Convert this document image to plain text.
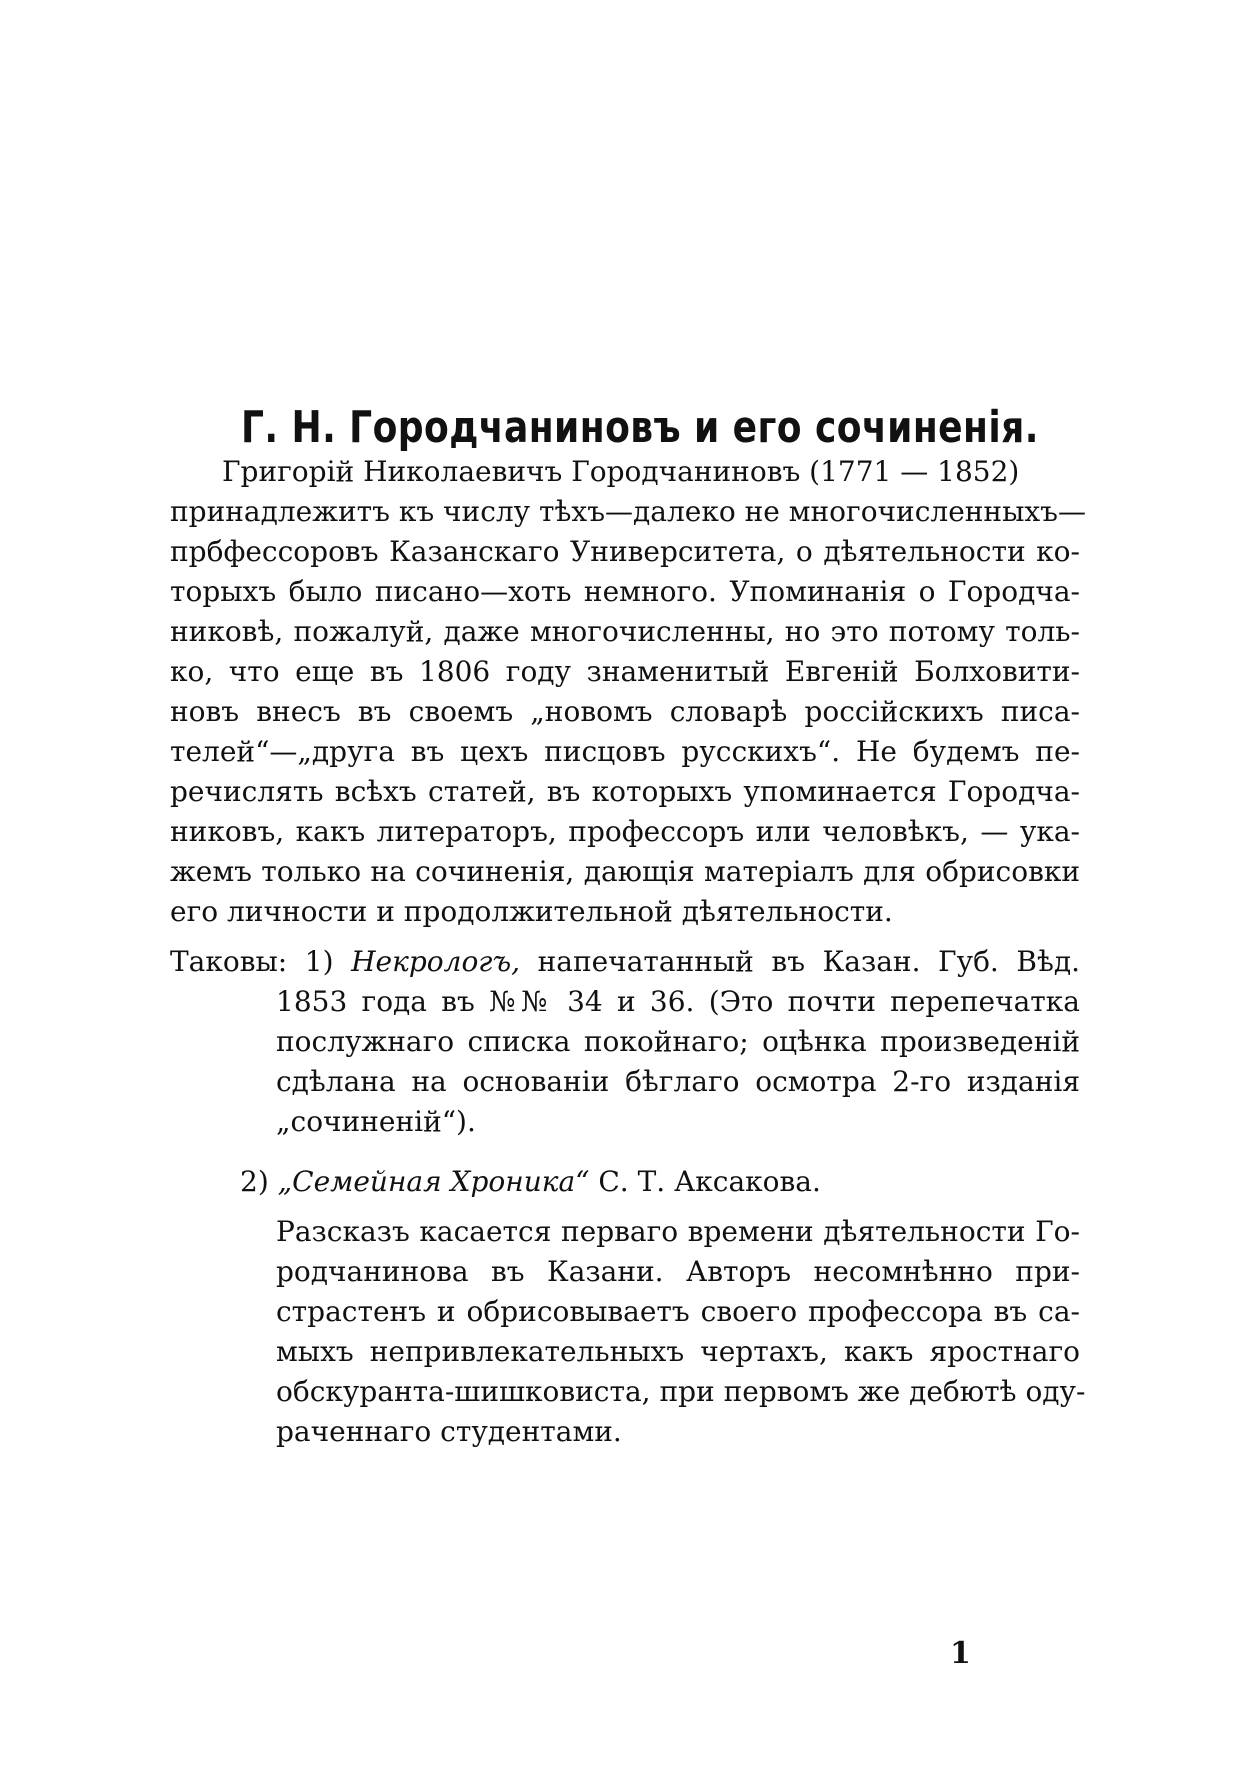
Г. Н. Городчаниновъ и его сочиненія.
Григорій Николаевичъ Городчаниновъ (1771 — 1852)
принадлежитъ къ числу тѣхъ—далеко не многочисленныхъ—
прбфессоровъ Казанскаго Университета, о дѣятельности ко-
торыхъ было писано—хоть немного. Упоминанія о Городча-
никовѣ, пожалуй, даже многочисленны, но это потому толь-
ко, что еще въ 1806 году знаменитый Евгеній Болховити-
новъ внесъ въ своемъ „новомъ словарѣ россійскихъ писа-
телей“—„друга въ цехъ писцовъ русскихъ“. Не будемъ пе-
речислять всѣхъ статей, въ которыхъ упоминается Городча-
никовъ, какъ литераторъ, профессоръ или человѣкъ, — ука-
жемъ только на сочиненія, дающія матеріалъ для обрисовки
его личности и продолжительной дѣятельности.
Таковы: 1) Некрологъ, напечатанный въ Казан. Губ. Вѣд.
1853 года въ №№ 34 и 36. (Это почти перепечатка
послужнаго списка покойнаго; оцѣнка произведеній
сдѣлана на основаніи бѣглаго осмотра 2-го изданія
„сочиненій“).
2) „Семейная Хроника“ С. Т. Аксакова.
Разсказъ касается перваго времени дѣятельности Го-
родчанинова въ Казани. Авторъ несомнѣнно при-
страстенъ и обрисовываетъ своего профессора въ са-
мыхъ непривлекательныхъ чертахъ, какъ яростнаго
обскуранта-шишковиста, при первомъ же дебютѣ оду-
раченнаго студентами.
1
